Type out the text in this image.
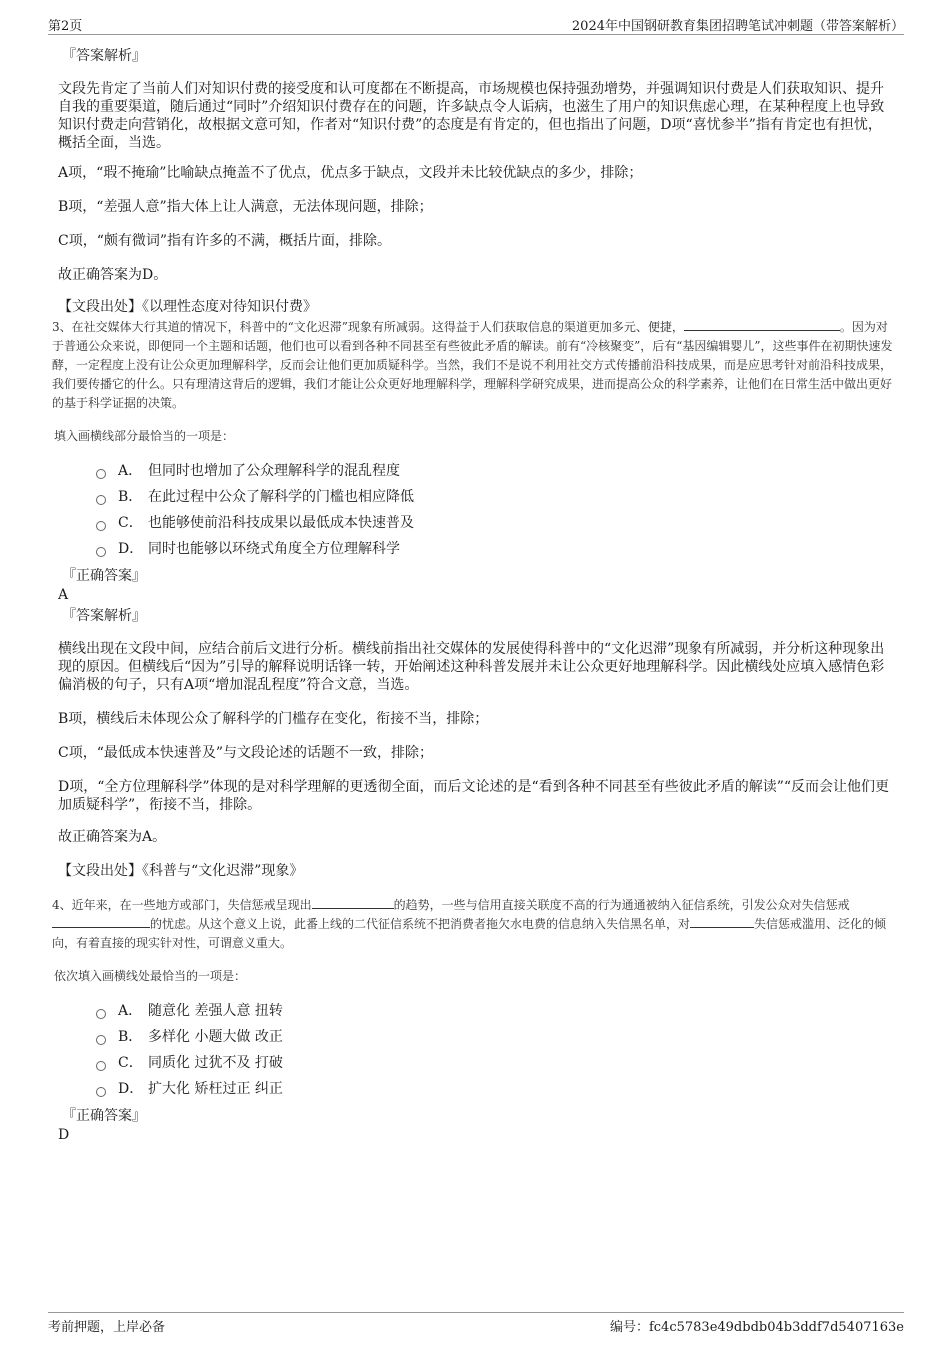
第2页	2024年中国钢研教育集团招聘笔试冲刺题（带答案解析）
『答案解析』

文段先肯定了当前人们对知识付费的接受度和认可度都在不断提高，市场规模也保持强劲增势，并强调知识付费是人们获取知识、提升自我的重要渠道，随后通过“同时”介绍知识付费存在的问题，许多缺点令人诟病，也滋生了用户的知识焦虑心理，在某种程度上也导致知识付费走向营销化，故根据文意可知，作者对“知识付费”的态度是有肯定的，但也指出了问题，D项“喜忧参半”指有肯定也有担忧，概括全面，当选。

A项，“瑕不掩瑜”比喻缺点掩盖不了优点，优点多于缺点，文段并未比较优缺点的多少，排除；

B项，“差强人意”指大体上让人满意，无法体现问题，排除；

C项，“颇有微词”指有许多的不满，概括片面，排除。

故正确答案为D。

【文段出处】《以理性态度对待知识付费》

3、在社交媒体大行其道的情况下，科普中的“文化迟滞”现象有所减弱。这得益于人们获取信息的渠道更加多元、便捷，	。因为对于普通公众来说，即便同一个主题和话题，他们也可以看到各种不同甚至有些彼此矛盾的解读。前有“冷核聚变”，后有“基因编辑婴儿”，这些事件在初期快速发酵，一定程度上没有让公众更加理解科学，反而会让他们更加质疑科学。当然，我们不是说不利用社交方式传播前沿科技成果，而是应思考针对前沿科技成果，我们要传播它的什么。只有理清这背后的逻辑，我们才能让公众更好地理解科学，理解科学研究成果，进而提高公众的科学素养，让他们在日常生活中做出更好的基于科学证据的决策。

填入画横线部分最恰当的一项是：
A． 但同时也增加了公众理解科学的混乱程度
B． 在此过程中公众了解科学的门槛也相应降低
C． 也能够使前沿科技成果以最低成本快速普及
D． 同时也能够以环绕式角度全方位理解科学
『正确答案』
A
『答案解析』

横线出现在文段中间，应结合前后文进行分析。横线前指出社交媒体的发展使得科普中的“文化迟滞”现象有所减弱，并分析这种现象出现的原因。但横线后“因为”引导的解释说明话锋一转，开始阐述这种科普发展并未让公众更好地理解科学。因此横线处应填入感情色彩偏消极的句子，只有A项“增加混乱程度”符合文意，当选。

B项，横线后未体现公众了解科学的门槛存在变化，衔接不当，排除；

C项，“最低成本快速普及”与文段论述的话题不一致，排除；

D项，“全方位理解科学”体现的是对科学理解的更透彻全面，而后文论述的是“看到各种不同甚至有些彼此矛盾的解读”“反而会让他们更加质疑科学”，衔接不当，排除。

故正确答案为A。

【文段出处】《科普与“文化迟滞”现象》

4、近年来，在一些地方或部门，失信惩戒呈现出	的趋势，一些与信用直接关联度不高的行为通通被纳入征信系统，引发公众对失信惩戒的忧虑。从这个意义上说，此番上线的二代征信系统不把消费者拖欠水电费的信息纳入失信黑名单，对	失信惩戒滥用、泛化的倾向，有着直接的现实针对性，可谓意义重大。

依次填入画横线处最恰当的一项是：
A． 随意化 差强人意 扭转
B． 多样化 小题大做 改正
C． 同质化 过犹不及 打破
D． 扩大化 矫枉过正 纠正
『正确答案』
D
考前押题，上岸必备	编号：fc4c5783e49dbdb04b3ddf7d5407163e
